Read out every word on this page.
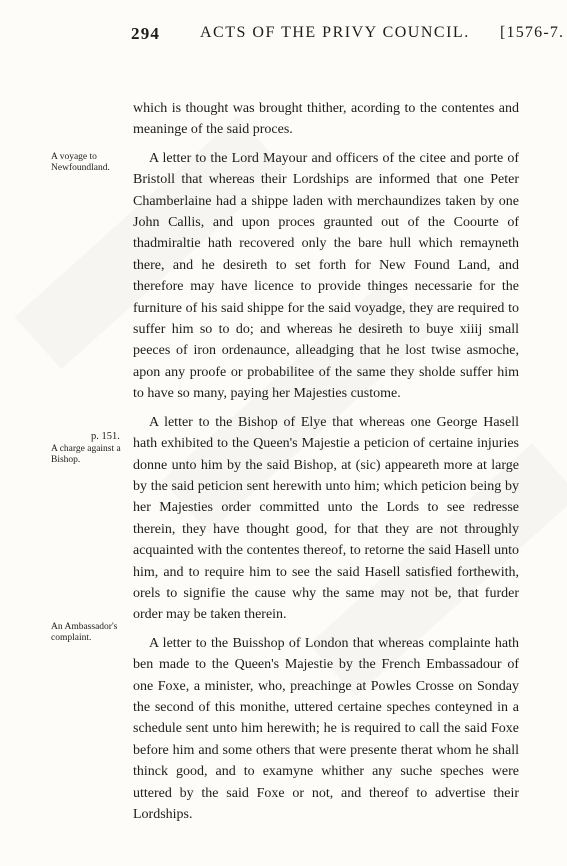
294 ACTS OF THE PRIVY COUNCIL. [1576-7.
A voyage to Newfoundland.
p. 151.
A charge against a Bishop.
An Ambassador's complaint.

which is thought was brought thither, acording to the contentes and meaninge of the said proces.

A letter to the Lord Mayour and officers of the citee and porte of Bristoll that whereas their Lordships are informed that one Peter Chamberlaine had a shippe laden with merchaundizes taken by one John Callis, and upon proces graunted out of the Coourte of thadmiraltie hath recovered only the bare hull which remayneth there, and he desireth to set forth for New Found Land, and therefore may have licence to provide thinges necessarie for the furniture of his said shippe for the said voyadge, they are required to suffer him so to do; and whereas he desireth to buye xiiij small peeces of iron ordenaunce, alleadging that he lost twise asmoche, apon any proofe or probabilitee of the same they sholde suffer him to have so many, paying her Majesties custome.

A letter to the Bishop of Elye that whereas one George Hasell hath exhibited to the Queen's Majestie a peticion of certaine injuries donne unto him by the said Bishop, at (sic) appeareth more at large by the said peticion sent herewith unto him; which peticion being by her Majesties order committed unto the Lords to see redresse therein, they have thought good, for that they are not throughly acquainted with the contentes thereof, to retorne the said Hasell unto him, and to require him to see the said Hasell satisfied forthewith, orels to signifie the cause why the same may not be, that furder order may be taken therein.

A letter to the Buisshop of London that whereas complainte hath ben made to the Queen's Majestie by the French Embassadour of one Foxe, a minister, who, preachinge at Powles Crosse on Sonday the second of this monithe, uttered certaine speches conteyned in a schedule sent unto him herewith; he is required to call the said Foxe before him and some others that were presente therat whom he shall thinck good, and to examyne whither any suche speches were uttered by the said Foxe or not, and thereof to advertise their Lordships.
